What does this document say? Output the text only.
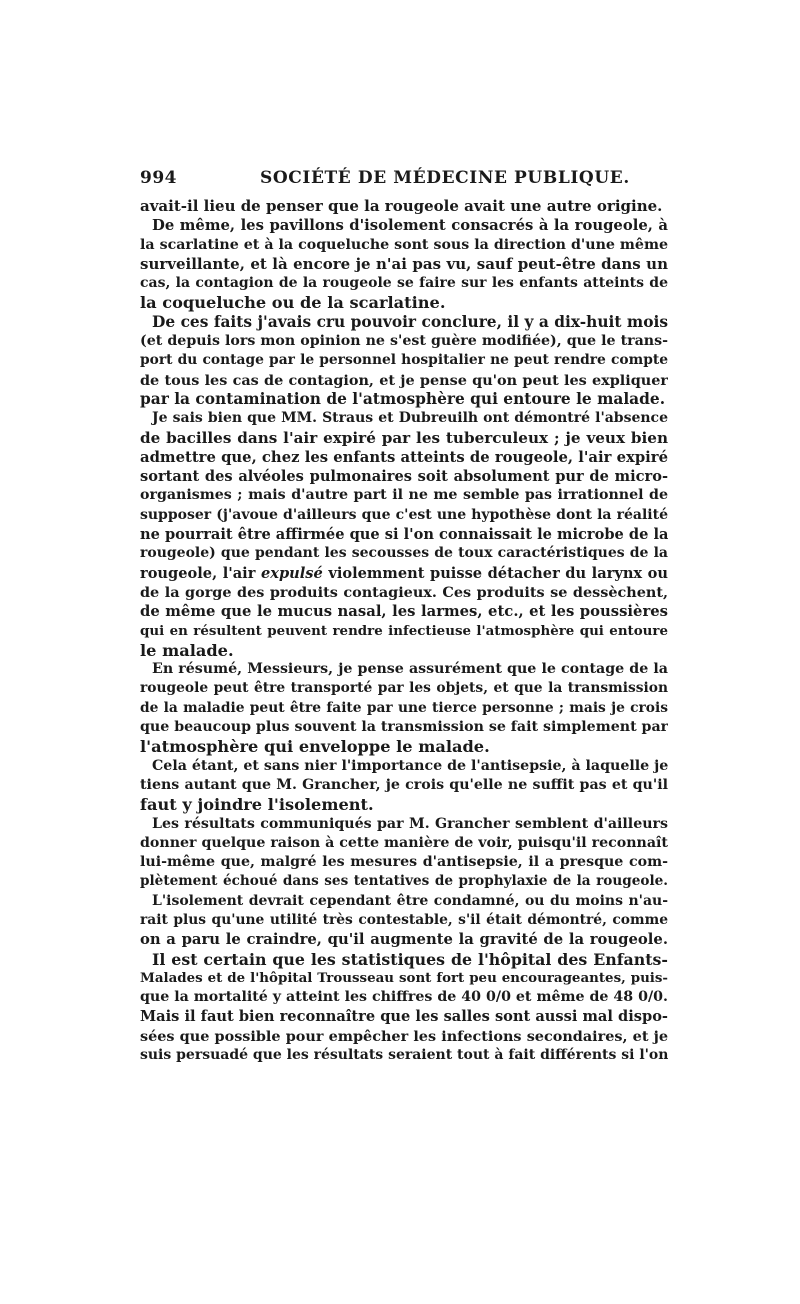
994	SOCIÉTÉ DE MÉDECINE PUBLIQUE.
avait-il lieu de penser que la rougeole avait une autre origine.
De même, les pavillons d'isolement consacrés à la rougeole, à
la scarlatine et à la coqueluche sont sous la direction d'une même
surveillante, et là encore je n'ai pas vu, sauf peut-être dans un
cas, la contagion de la rougeole se faire sur les enfants atteints de
la coqueluche ou de la scarlatine.
De ces faits j'avais cru pouvoir conclure, il y a dix-huit mois
(et depuis lors mon opinion ne s'est guère modifiée), que le trans-
port du contage par le personnel hospitalier ne peut rendre compte
de tous les cas de contagion, et je pense qu'on peut les expliquer
par la contamination de l'atmosphère qui entoure le malade.
Je sais bien que MM. Straus et Dubreuilh ont démontré l'absence
de bacilles dans l'air expiré par les tuberculeux ; je veux bien
admettre que, chez les enfants atteints de rougeole, l'air expiré
sortant des alvéoles pulmonaires soit absolument pur de micro-
organismes ; mais d'autre part il ne me semble pas irrationnel de
supposer (j'avoue d'ailleurs que c'est une hypothèse dont la réalité
ne pourrait être affirmée que si l'on connaissait le microbe de la
rougeole) que pendant les secousses de toux caractéristiques de la
rougeole, l'air expulsé violemment puisse détacher du larynx ou
de la gorge des produits contagieux. Ces produits se dessèchent,
de même que le mucus nasal, les larmes, etc., et les poussières
qui en résultent peuvent rendre infectieuse l'atmosphère qui entoure
le malade.
En résumé, Messieurs, je pense assurément que le contage de la
rougeole peut être transporté par les objets, et que la transmission
de la maladie peut être faite par une tierce personne ; mais je crois
que beaucoup plus souvent la transmission se fait simplement par
l'atmosphère qui enveloppe le malade.
Cela étant, et sans nier l'importance de l'antisepsie, à laquelle je
tiens autant que M. Grancher, je crois qu'elle ne suffit pas et qu'il
faut y joindre l'isolement.
Les résultats communiqués par M. Grancher semblent d'ailleurs
donner quelque raison à cette manière de voir, puisqu'il reconnaît
lui-même que, malgré les mesures d'antisepsie, il a presque com-
plètement échoué dans ses tentatives de prophylaxie de la rougeole.
L'isolement devrait cependant être condamné, ou du moins n'au-
rait plus qu'une utilité très contestable, s'il était démontré, comme
on a paru le craindre, qu'il augmente la gravité de la rougeole.
Il est certain que les statistiques de l'hôpital des Enfants-
Malades et de l'hôpital Trousseau sont fort peu encourageantes, puis-
que la mortalité y atteint les chiffres de 40 0/0 et même de 48 0/0.
Mais il faut bien reconnaître que les salles sont aussi mal dispo-
sées que possible pour empêcher les infections secondaires, et je
suis persuadé que les résultats seraient tout à fait différents si l'on
